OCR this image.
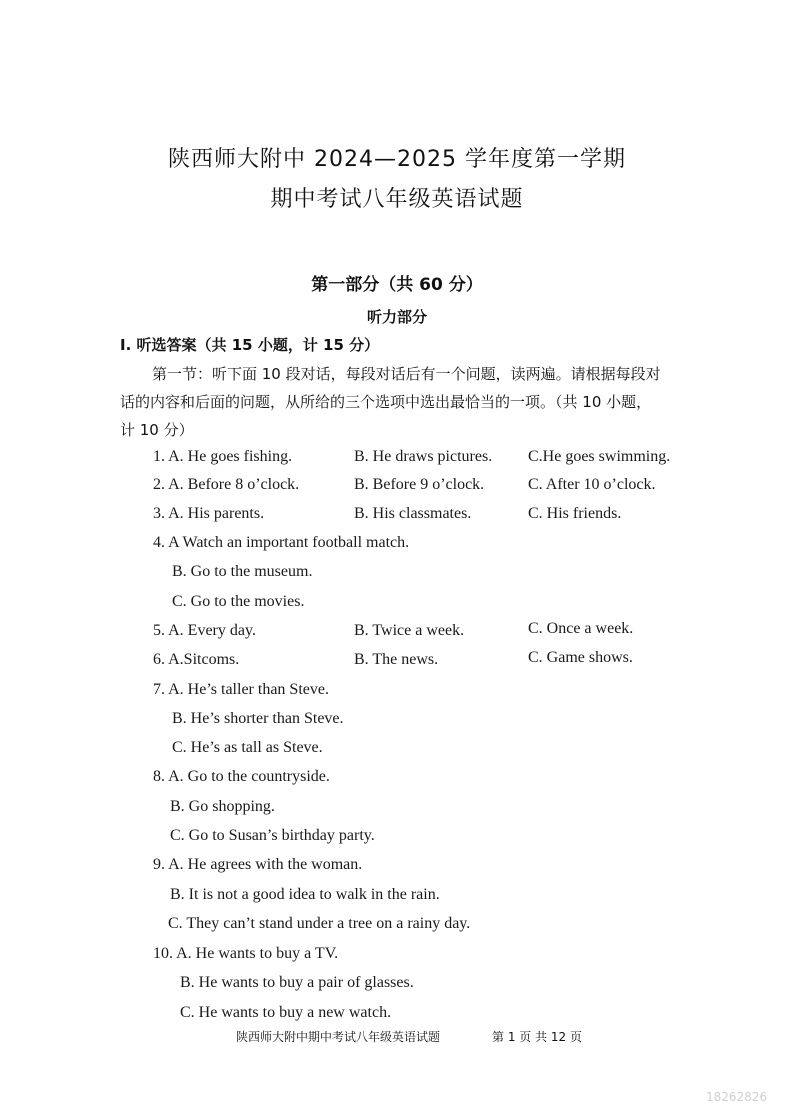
陕西师大附中 2024—2025 学年度第一学期
期中考试八年级英语试题
第一部分（共 60 分）
听力部分
I. 听选答案（共 15 小题，计 15 分）
第一节：听下面 10 段对话，每段对话后有一个问题，读两遍。请根据每段对
话的内容和后面的问题，从所给的三个选项中选出最恰当的一项。（共 10 小题，
计 10 分）
1. A. He goes fishing.	B. He draws pictures. C.He goes swimming.
2. A. Before 8 o’clock.	B. Before 9 o’clock.	C. After 10 o’clock.
3. A. His parents.	B. His classmates.	C. His friends.
4. A Watch an important football match.
B. Go to the museum.
C. Go to the movies.
5. A. Every day.	B. Twice a week.	C. Once a week.
6. A.Sitcoms.	B. The news.	C. Game shows.
7. A. He’s taller than Steve.
B. He’s shorter than Steve.
C. He’s as tall as Steve.
8. A. Go to the countryside.
B. Go shopping.
C. Go to Susan’s birthday party.
9. A. He agrees with the woman.
B. It is not a good idea to walk in the rain.
C. They can’t stand under a tree on a rainy day.
10. A. He wants to buy a TV.
B. He wants to buy a pair of glasses.
C. He wants to buy a new watch.
陕西师大附中期中考试八年级英语试题	第 1 页 共 12 页
18262826
